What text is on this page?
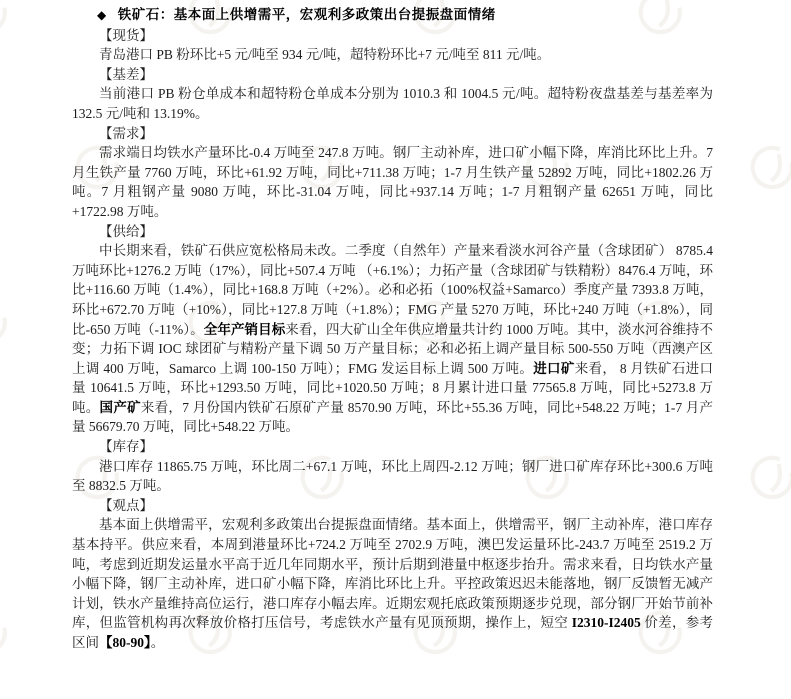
◆ 铁矿石：基本面上供增需平，宏观利多政策出台提振盘面情绪
【现货】

青岛港口 PB 粉环比+5 元/吨至 934 元/吨，超特粉环比+7 元/吨至 811 元/吨。

【基差】

当前港口 PB 粉仓单成本和超特粉仓单成本分别为 1010.3 和 1004.5 元/吨。超特粉夜盘基差与基差率为 132.5 元/吨和 13.19%。

【需求】

需求端日均铁水产量环比-0.4 万吨至 247.8 万吨。钢厂主动补库，进口矿小幅下降，库消比环比上升。7 月生铁产量 7760 万吨，环比+61.92 万吨，同比+711.38 万吨；1-7 月生铁产量 52892 万吨，同比+1802.26 万吨。7 月粗钢产量 9080 万吨，环比-31.04 万吨，同比+937.14 万吨；1-7 月粗钢产量 62651 万吨，同比+1722.98 万吨。

【供给】

中长期来看，铁矿石供应宽松格局未改。二季度（自然年）产量来看淡水河谷产量（含球团矿） 8785.4 万吨环比+1276.2 万吨（17%），同比+507.4 万吨 （+6.1%）；力拓产量（含球团矿与铁精粉）8476.4 万吨，环比+116.60 万吨（1.4%），同比+168.8 万吨（+2%）。必和必拓（100%权益+Samarco）季度产量 7393.8 万吨，环比+672.70 万吨（+10%），同比+127.8 万吨（+1.8%）；FMG 产量 5270 万吨，环比+240 万吨（+1.8%），同比-650 万吨（-11%）。全年产销目标来看，四大矿山全年供应增量共计约 1000 万吨。其中，淡水河谷维持不变；力拓下调 IOC 球团矿与精粉产量下调 50 万产量目标；必和必拓上调产量目标 500-550 万吨（西澳产区上调 400 万吨，Samarco 上调 100-150 万吨）；FMG 发运目标上调 500 万吨。进口矿来看， 8 月铁矿石进口量 10641.5 万吨，环比+1293.50 万吨，同比+1020.50 万吨；8 月累计进口量 77565.8 万吨，同比+5273.8 万吨。国产矿来看，7 月份国内铁矿石原矿产量 8570.90 万吨，环比+55.36 万吨，同比+548.22 万吨；1-7 月产量 56679.70 万吨，同比+548.22 万吨。

【库存】

港口库存 11865.75 万吨，环比周二+67.1 万吨，环比上周四-2.12 万吨；钢厂进口矿库存环比+300.6 万吨至 8832.5 万吨。

【观点】

基本面上供增需平，宏观利多政策出台提振盘面情绪。基本面上，供增需平，钢厂主动补库，港口库存基本持平。供应来看，本周到港量环比+724.2 万吨至 2702.9 万吨，澳巴发运量环比-243.7 万吨至 2519.2 万吨，考虑到近期发运量水平高于近几年同期水平，预计后期到港量中枢逐步抬升。需求来看，日均铁水产量小幅下降，钢厂主动补库，进口矿小幅下降，库消比环比上升。平控政策迟迟未能落地，钢厂反馈暂无减产计划，铁水产量维持高位运行，港口库存小幅去库。近期宏观托底政策预期逐步兑现，部分钢厂开始节前补库，但监管机构再次释放价格打压信号，考虑铁水产量有见顶预期，操作上，短空 I2310-I2405 价差，参考区间【80-90】。
